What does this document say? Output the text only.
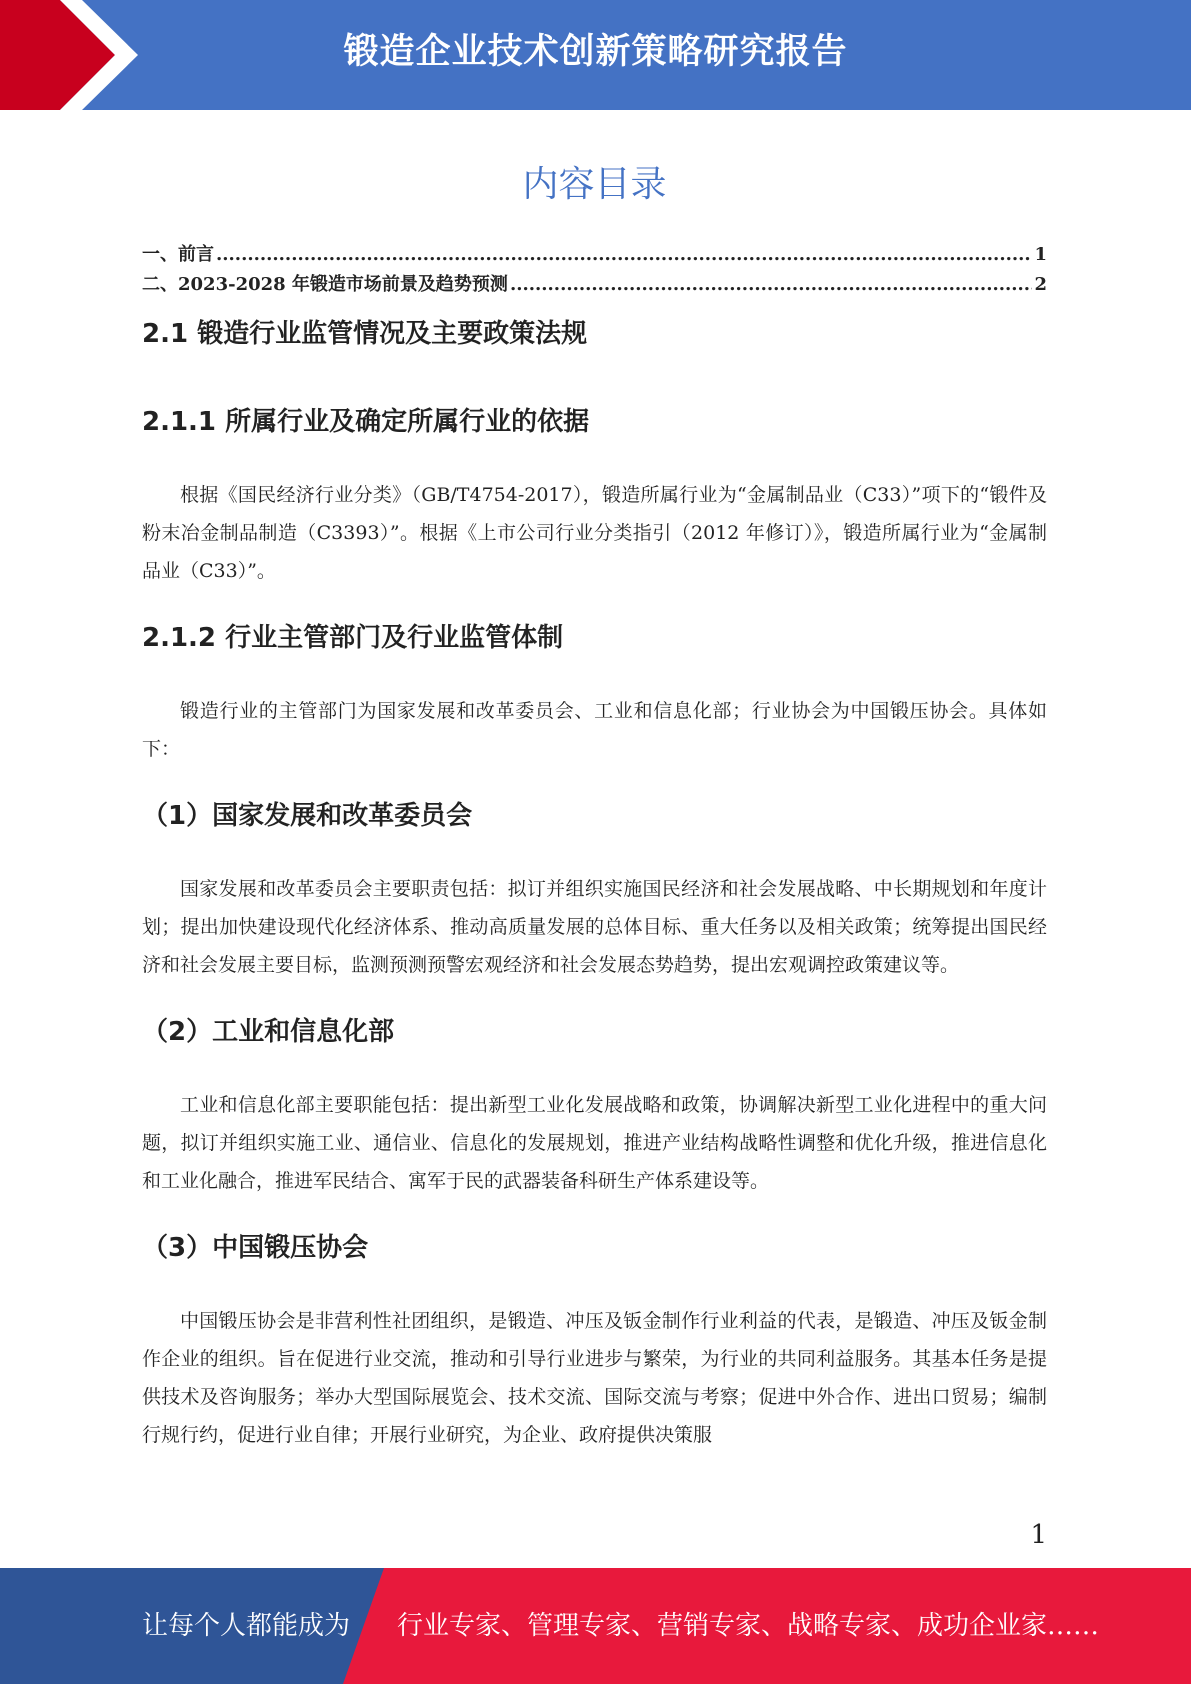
锻造企业技术创新策略研究报告
内容目录
一、前言 .....	1
二、2023-2028 年锻造市场前景及趋势预测 .....	2
2.1 锻造行业监管情况及主要政策法规
2.1.1 所属行业及确定所属行业的依据

根据《国民经济行业分类》（GB/T4754-2017），锻造所属行业为“金属制品业（C33）”项下的“锻件及粉末冶金制品制造（C3393）”。根据《上市公司行业分类指引（2012 年修订）》，锻造所属行业为“金属制品业（C33）”。

2.1.2 行业主管部门及行业监管体制

锻造行业的主管部门为国家发展和改革委员会、工业和信息化部；行业协会为中国锻压协会。具体如下：

（1）国家发展和改革委员会

国家发展和改革委员会主要职责包括：拟订并组织实施国民经济和社会发展战略、中长期规划和年度计划；提出加快建设现代化经济体系、推动高质量发展的总体目标、重大任务以及相关政策；统筹提出国民经济和社会发展主要目标，监测预测预警宏观经济和社会发展态势趋势，提出宏观调控政策建议等。

（2）工业和信息化部

工业和信息化部主要职能包括：提出新型工业化发展战略和政策，协调解决新型工业化进程中的重大问题，拟订并组织实施工业、通信业、信息化的发展规划，推进产业结构战略性调整和优化升级，推进信息化和工业化融合，推进军民结合、寓军于民的武器装备科研生产体系建设等。

（3）中国锻压协会

中国锻压协会是非营利性社团组织，是锻造、冲压及钣金制作行业利益的代表，是锻造、冲压及钣金制作企业的组织。旨在促进行业交流，推动和引导行业进步与繁荣，为行业的共同利益服务。其基本任务是提供技术及咨询服务；举办大型国际展览会、技术交流、国际交流与考察；促进中外合作、进出口贸易；编制行规行约，促进行业自律；开展行业研究，为企业、政府提供决策服

1
让每个人都能成为 行业专家、管理专家、营销专家、战略专家、成功企业家……
